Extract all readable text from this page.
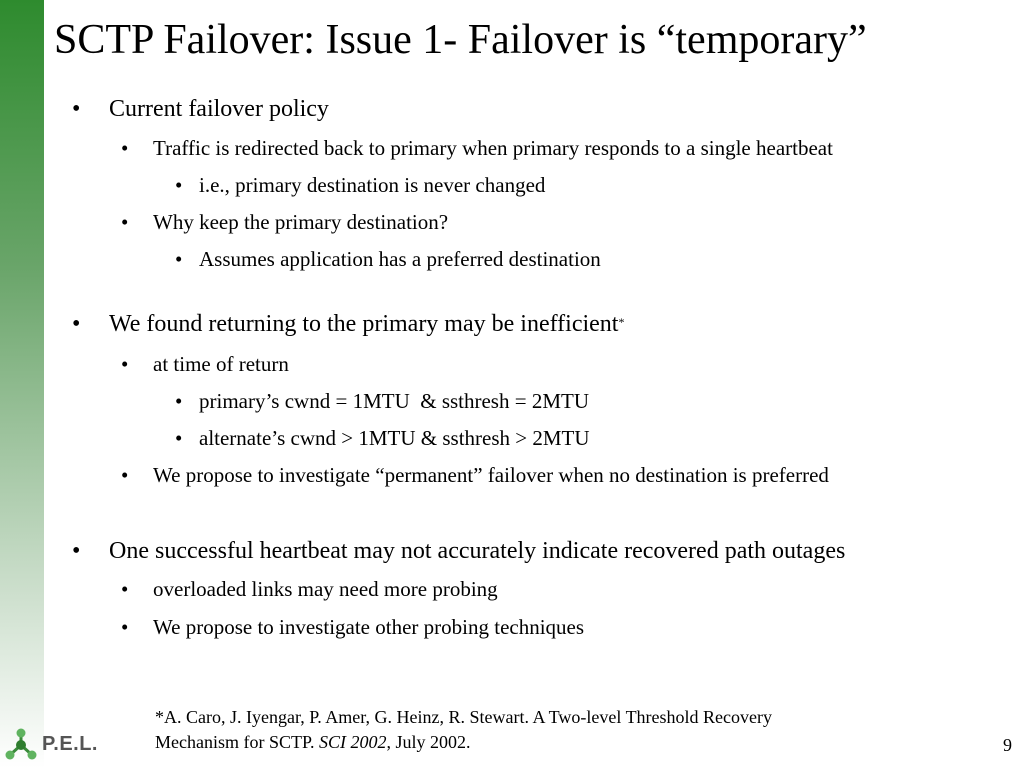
SCTP Failover: Issue 1- Failover is “temporary”
• Current failover policy
• Traffic is redirected back to primary when primary responds to a single heartbeat
• i.e., primary destination is never changed
• Why keep the primary destination?
• Assumes application has a preferred destination
• We found returning to the primary may be inefficient*
• at time of return
• primary’s cwnd = 1MTU  & ssthresh = 2MTU
• alternate’s cwnd > 1MTU & ssthresh > 2MTU
• We propose to investigate “permanent” failover when no destination is preferred
• One successful heartbeat may not accurately indicate recovered path outages
• overloaded links may need more probing
• We propose to investigate other probing techniques
*A. Caro, J. Iyengar, P. Amer, G. Heinz, R. Stewart. A Two-level Threshold Recovery
Mechanism for SCTP. SCI 2002, July 2002.
P.E.L.	9
